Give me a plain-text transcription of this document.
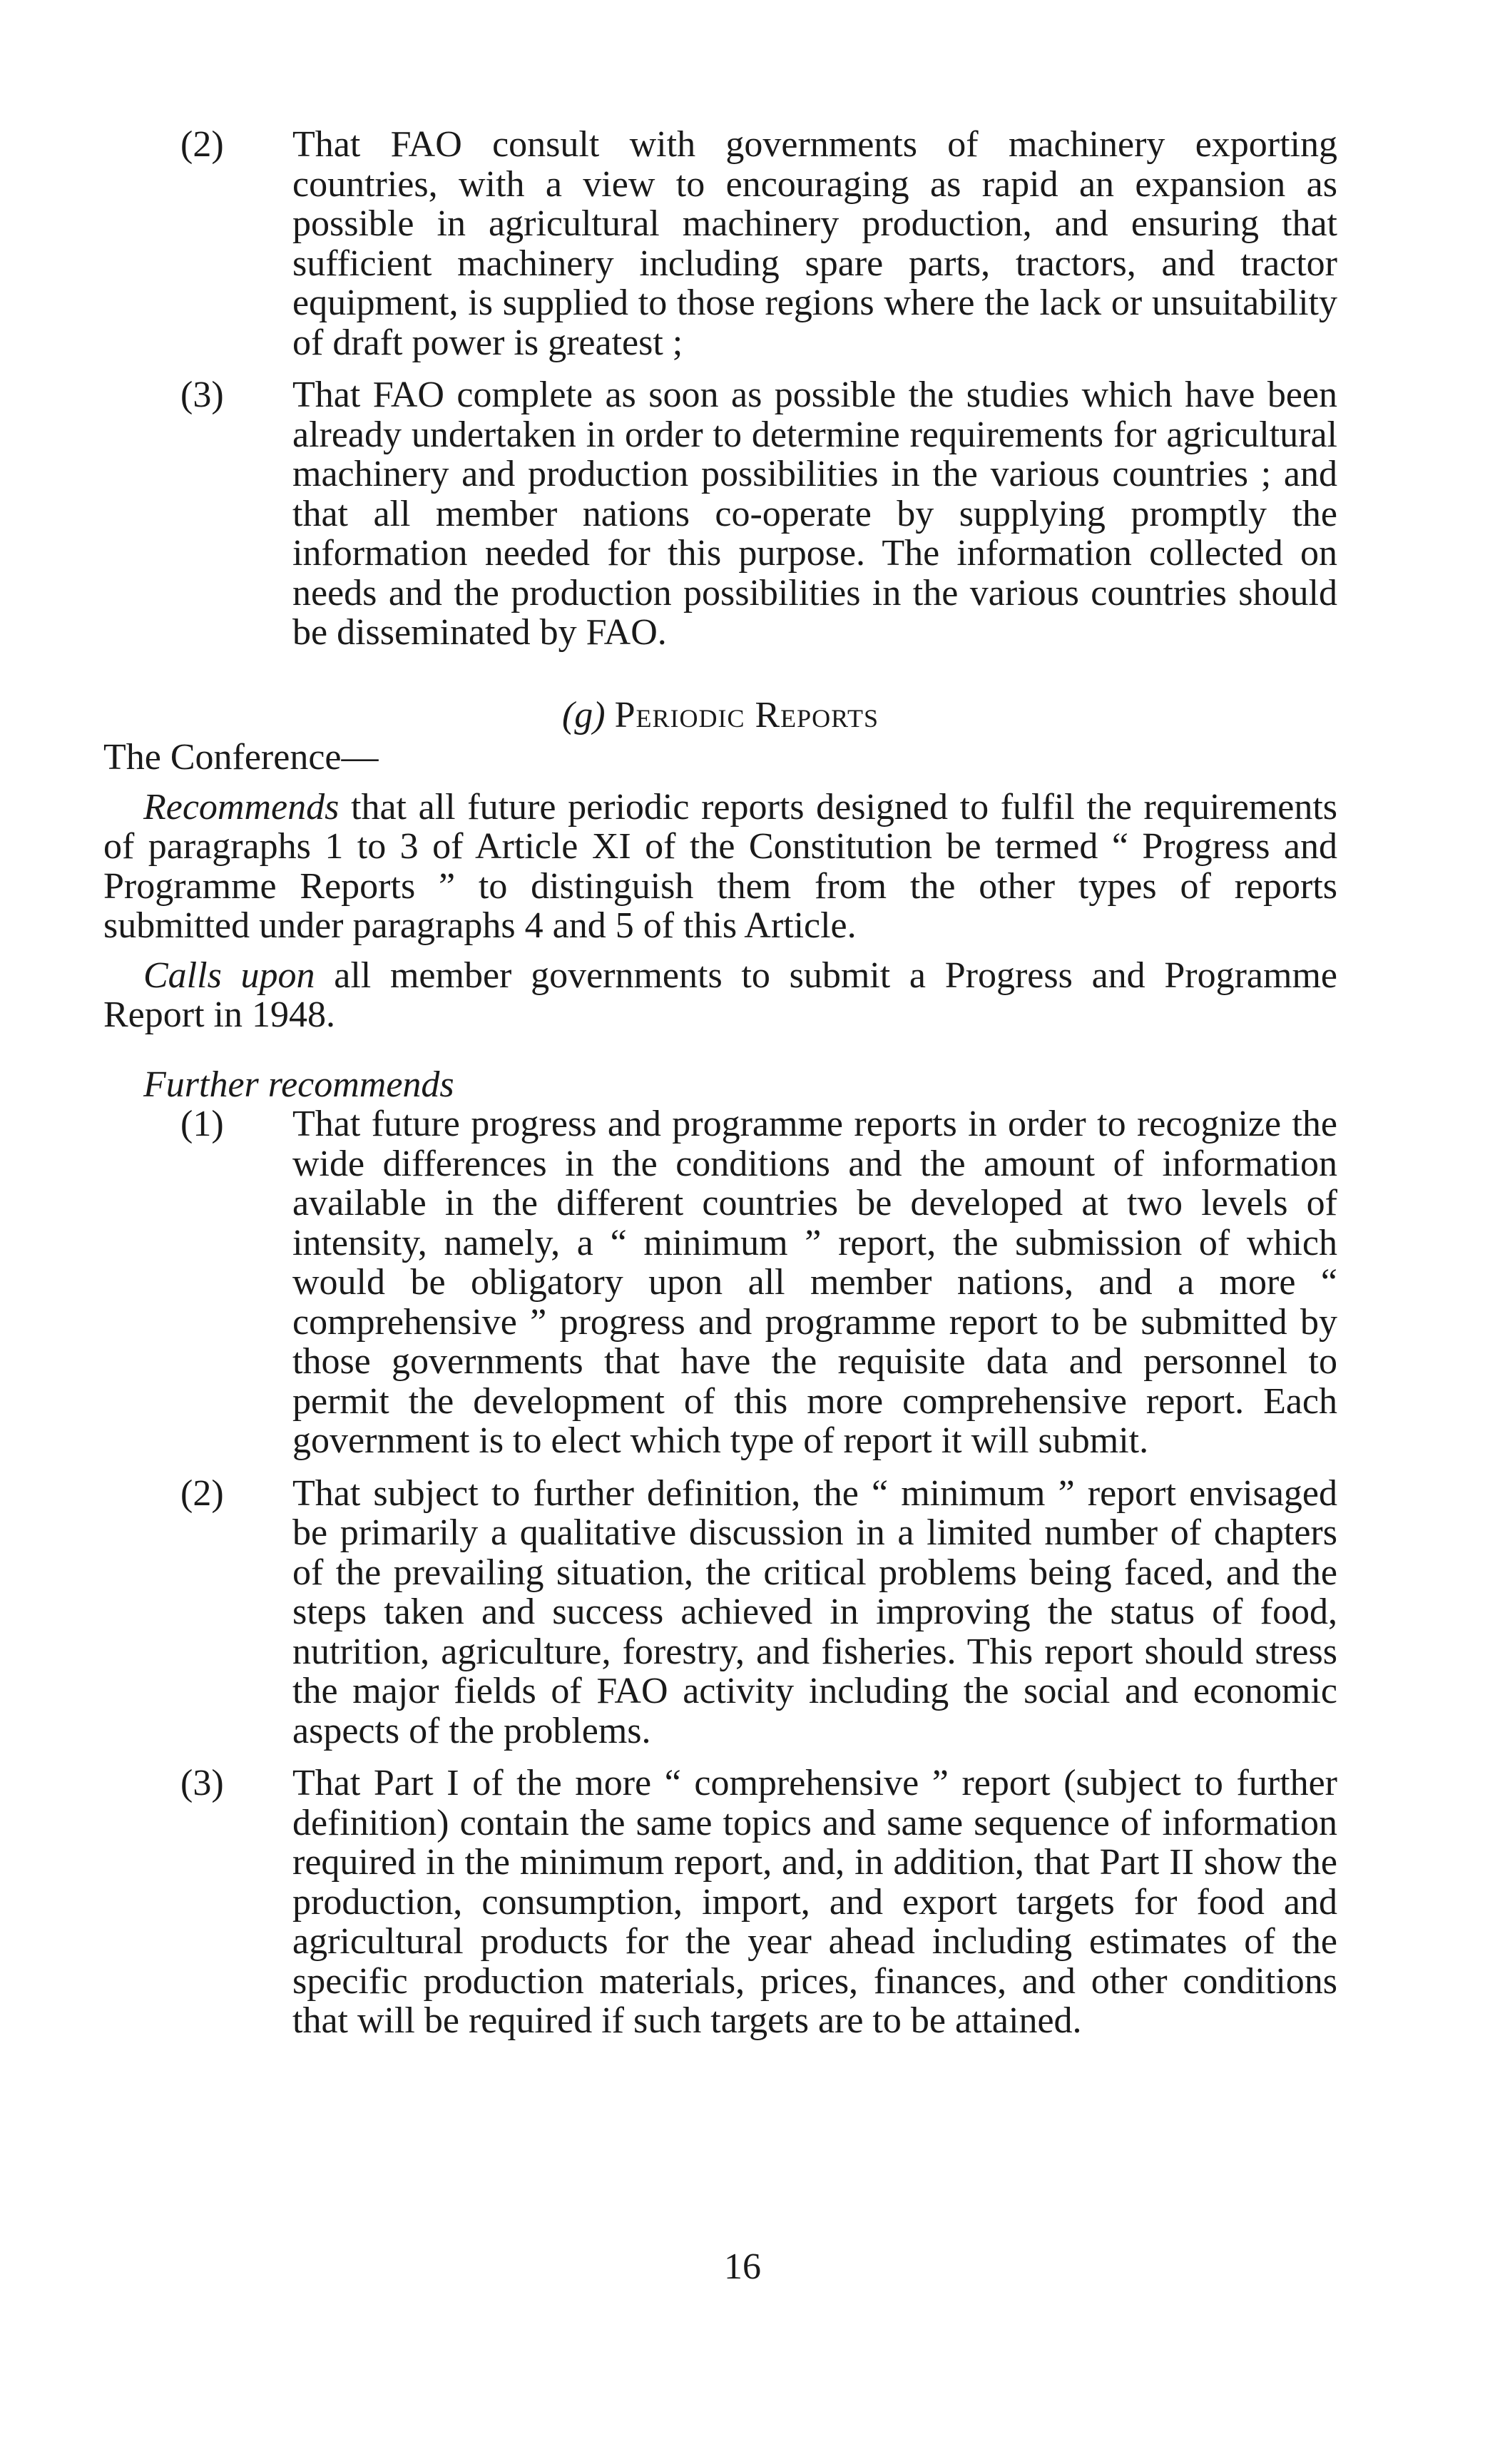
(2) That FAO consult with governments of machinery exporting countries, with a view to encouraging as rapid an expansion as possible in agricultural machinery production, and ensuring that sufficient machinery including spare parts, tractors, and tractor equipment, is supplied to those regions where the lack or unsuitability of draft power is greatest ;
(3) That FAO complete as soon as possible the studies which have been already undertaken in order to determine requirements for agricultural machinery and production possibilities in the various countries ; and that all member nations co-operate by supplying promptly the information needed for this purpose. The information collected on needs and the production possibilities in the various countries should be disseminated by FAO.
(g) Periodic Reports
The Conference—
Recommends that all future periodic reports designed to fulfil the requirements of paragraphs 1 to 3 of Article XI of the Constitution be termed “ Progress and Programme Reports ” to distinguish them from the other types of reports submitted under paragraphs 4 and 5 of this Article.
Calls upon all member governments to submit a Progress and Programme Report in 1948.
Further recommends
(1) That future progress and programme reports in order to recognize the wide differences in the conditions and the amount of information available in the different countries be developed at two levels of intensity, namely, a “ minimum ” report, the submission of which would be obligatory upon all member nations, and a more “ comprehensive ” progress and programme report to be submitted by those governments that have the requisite data and personnel to permit the development of this more comprehensive report. Each government is to elect which type of report it will submit.
(2) That subject to further definition, the “ minimum ” report envisaged be primarily a qualitative discussion in a limited number of chapters of the prevailing situation, the critical problems being faced, and the steps taken and success achieved in improving the status of food, nutrition, agriculture, forestry, and fisheries. This report should stress the major fields of FAO activity including the social and economic aspects of the problems.
(3) That Part I of the more “ comprehensive ” report (subject to further definition) contain the same topics and same sequence of information required in the minimum report, and, in addition, that Part II show the production, consumption, import, and export targets for food and agricultural products for the year ahead including estimates of the specific production materials, prices, finances, and other conditions that will be required if such targets are to be attained.
16
